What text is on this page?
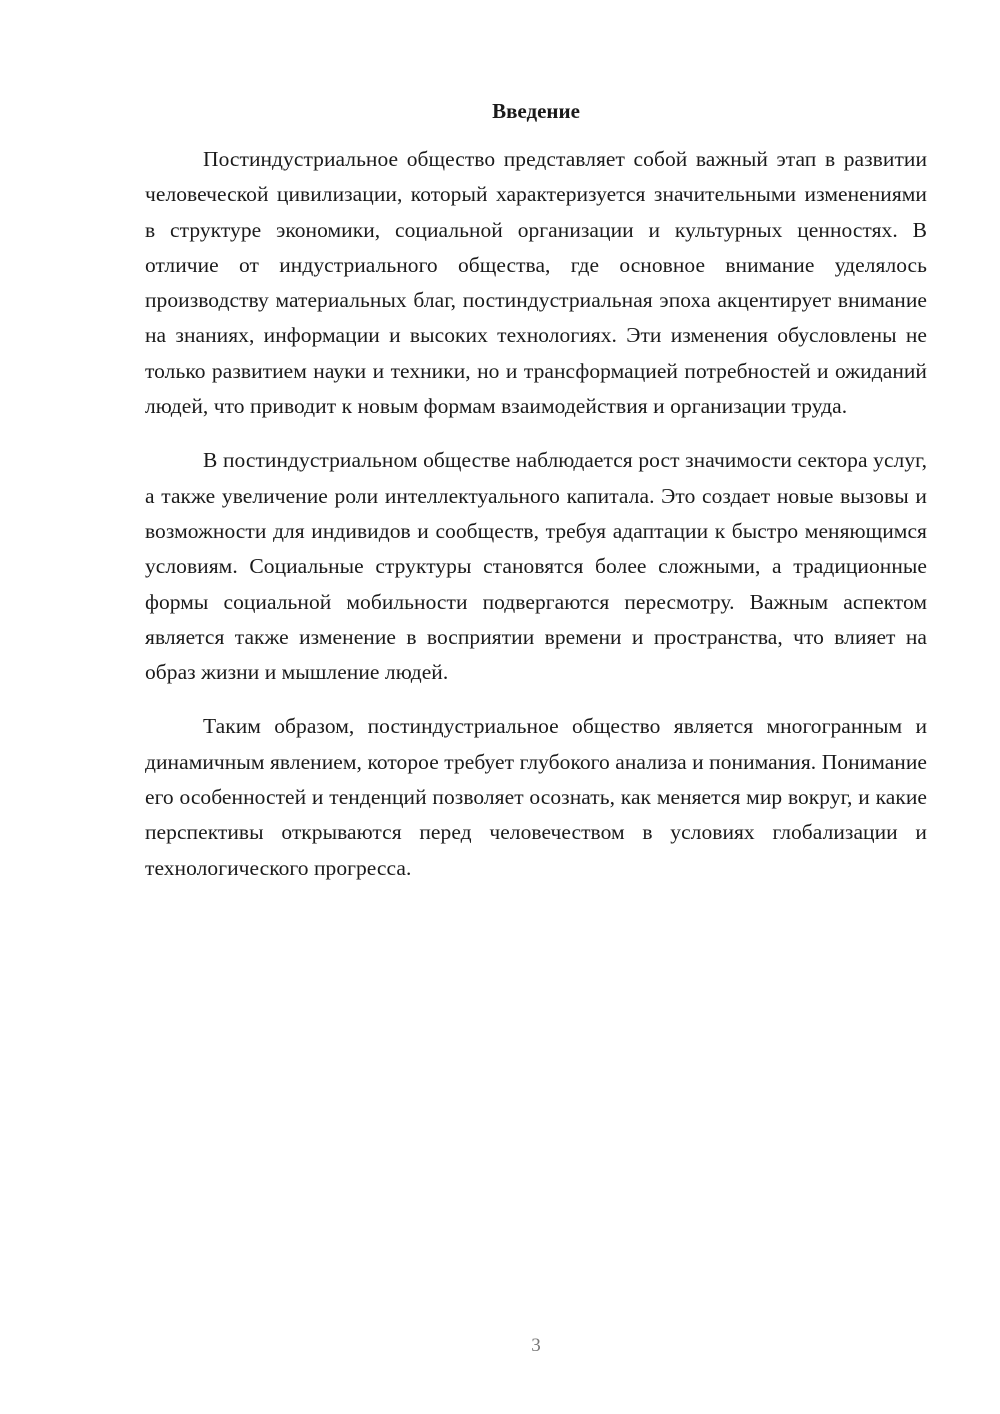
Введение

Постиндустриальное общество представляет собой важный этап в развитии человеческой цивилизации, который характеризуется значительными изменениями в структуре экономики, социальной организации и культурных ценностях. В отличие от индустриального общества, где основное внимание уделялось производству материальных благ, постиндустриальная эпоха акцентирует внимание на знаниях, информации и высоких технологиях. Эти изменения обусловлены не только развитием науки и техники, но и трансформацией потребностей и ожиданий людей, что приводит к новым формам взаимодействия и организации труда.

В постиндустриальном обществе наблюдается рост значимости сектора услуг, а также увеличение роли интеллектуального капитала. Это создает новые вызовы и возможности для индивидов и сообществ, требуя адаптации к быстро меняющимся условиям. Социальные структуры становятся более сложными, а традиционные формы социальной мобильности подвергаются пересмотру. Важным аспектом является также изменение в восприятии времени и пространства, что влияет на образ жизни и мышление людей.

Таким образом, постиндустриальное общество является многогранным и динамичным явлением, которое требует глубокого анализа и понимания. Понимание его особенностей и тенденций позволяет осознать, как меняется мир вокруг, и какие перспективы открываются перед человечеством в условиях глобализации и технологического прогресса.

3
